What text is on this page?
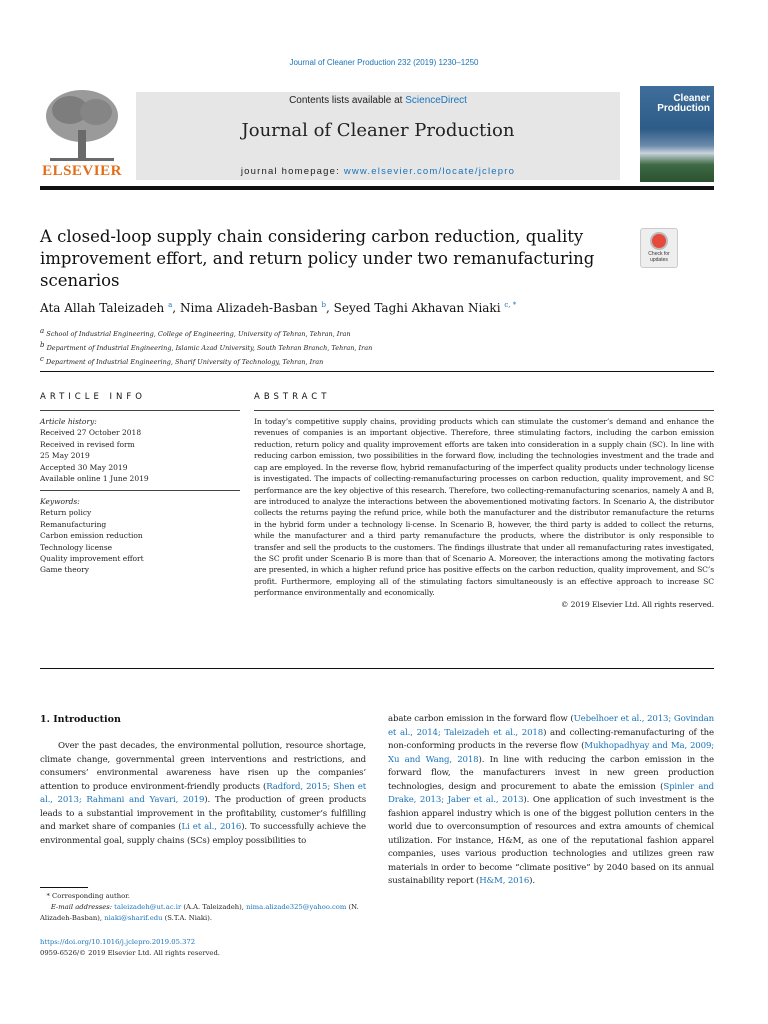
Journal of Cleaner Production 232 (2019) 1230–1250
ELSEVIER
Contents lists available at ScienceDirect
Journal of Cleaner Production
journal homepage: www.elsevier.com/locate/jclepro
Cleaner
Production
A closed-loop supply chain considering carbon reduction, quality improvement effort, and return policy under two remanufacturing scenarios
Check for
updates
Ata Allah Taleizadeh $^a$, Nima Alizadeh-Basban $^b$, Seyed Taghi Akhavan Niaki $^{c, *}$
$^a$ School of Industrial Engineering, College of Engineering, University of Tehran, Tehran, Iran
$^b$ Department of Industrial Engineering, Islamic Azad University, South Tehran Branch, Tehran, Iran
$^c$ Department of Industrial Engineering, Sharif University of Technology, Tehran, Iran
ARTICLE INFO	ABSTRACT
Article history:
Received 27 October 2018
Received in revised form
25 May 2019
Accepted 30 May 2019
Available online 1 June 2019
Keywords:
Return policy
Remanufacturing
Carbon emission reduction
Technology license
Quality improvement effort
Game theory
In today’s competitive supply chains, providing products which can stimulate the customer’s demand and enhance the revenues of companies is an important objective. Therefore, three stimulating factors, including the carbon emission reduction, return policy and quality improvement efforts are taken into consideration in a supply chain (SC). In line with reducing carbon emission, two possibilities in the forward flow, including the technologies investment and the trade and cap are employed. In the reverse flow, hybrid remanufacturing of the imperfect quality products under technology license is investigated. The impacts of collecting-remanufacturing processes on carbon reduction, quality improvement, and SC performance are the key objective of this research. Therefore, two collecting-remanufacturing scenarios, namely A and B, are introduced to analyze the interactions between the abovementioned motivating factors. In Scenario A, the distributor collects the returns paying the refund price, while both the manufacturer and the distributor remanufacture the returns in the hybrid form under a technology li-cense. In Scenario B, however, the third party is added to collect the returns, while the manufacturer and a third party remanufacture the products, where the distributor is only responsible to transfer and sell the products to the customers. The findings illustrate that under all remanufacturing rates investigated, the SC profit under Scenario B is more than that of Scenario A. Moreover, the interactions among the motivating factors are presented, in which a higher refund price has positive effects on the carbon reduction, quality improvement, and SC’s profit. Furthermore, employing all of the stimulating factors simultaneously is an effective approach to increase SC performance environmentally and economically.
© 2019 Elsevier Ltd. All rights reserved.
1. Introduction
Over the past decades, the environmental pollution, resource shortage, climate change, governmental green interventions and restrictions, and consumers’ environmental awareness have risen up the companies’ attention to produce environment-friendly products (Radford, 2015; Shen et al., 2013; Rahmani and Yavari, 2019). The production of green products leads to a substantial improvement in the profitability, customer’s fulfilling and market share of companies (Li et al., 2016). To successfully achieve the environmental goal, supply chains (SCs) employ possibilities to
abate carbon emission in the forward flow (Uebelhoer et al., 2013; Govindan et al., 2014; Taleizadeh et al., 2018) and collecting-remanufacturing of the non-conforming products in the reverse flow (Mukhopadhyay and Ma, 2009; Xu and Wang, 2018). In line with reducing the carbon emission in the forward flow, the manufacturers invest in new green production technologies, design and procurement to abate the emission (Spinler and Drake, 2013; Jaber et al., 2013). One application of such investment is the fashion apparel industry which is one of the biggest pollution centers in the world due to overconsumption of resources and extra amounts of chemical utilization. For instance, H&M, as one of the reputational fashion apparel companies, uses various production technologies and utilizes green raw materials in order to become “climate positive” by 2040 based on its annual sustainability report (H&M, 2016).
* Corresponding author.
E-mail addresses: taleizadeh@ut.ac.ir (A.A. Taleizadeh), nima.alizade325@yahoo.com (N. Alizadeh-Basban), niaki@sharif.edu (S.T.A. Niaki).
https://doi.org/10.1016/j.jclepro.2019.05.372
0959-6526/© 2019 Elsevier Ltd. All rights reserved.
